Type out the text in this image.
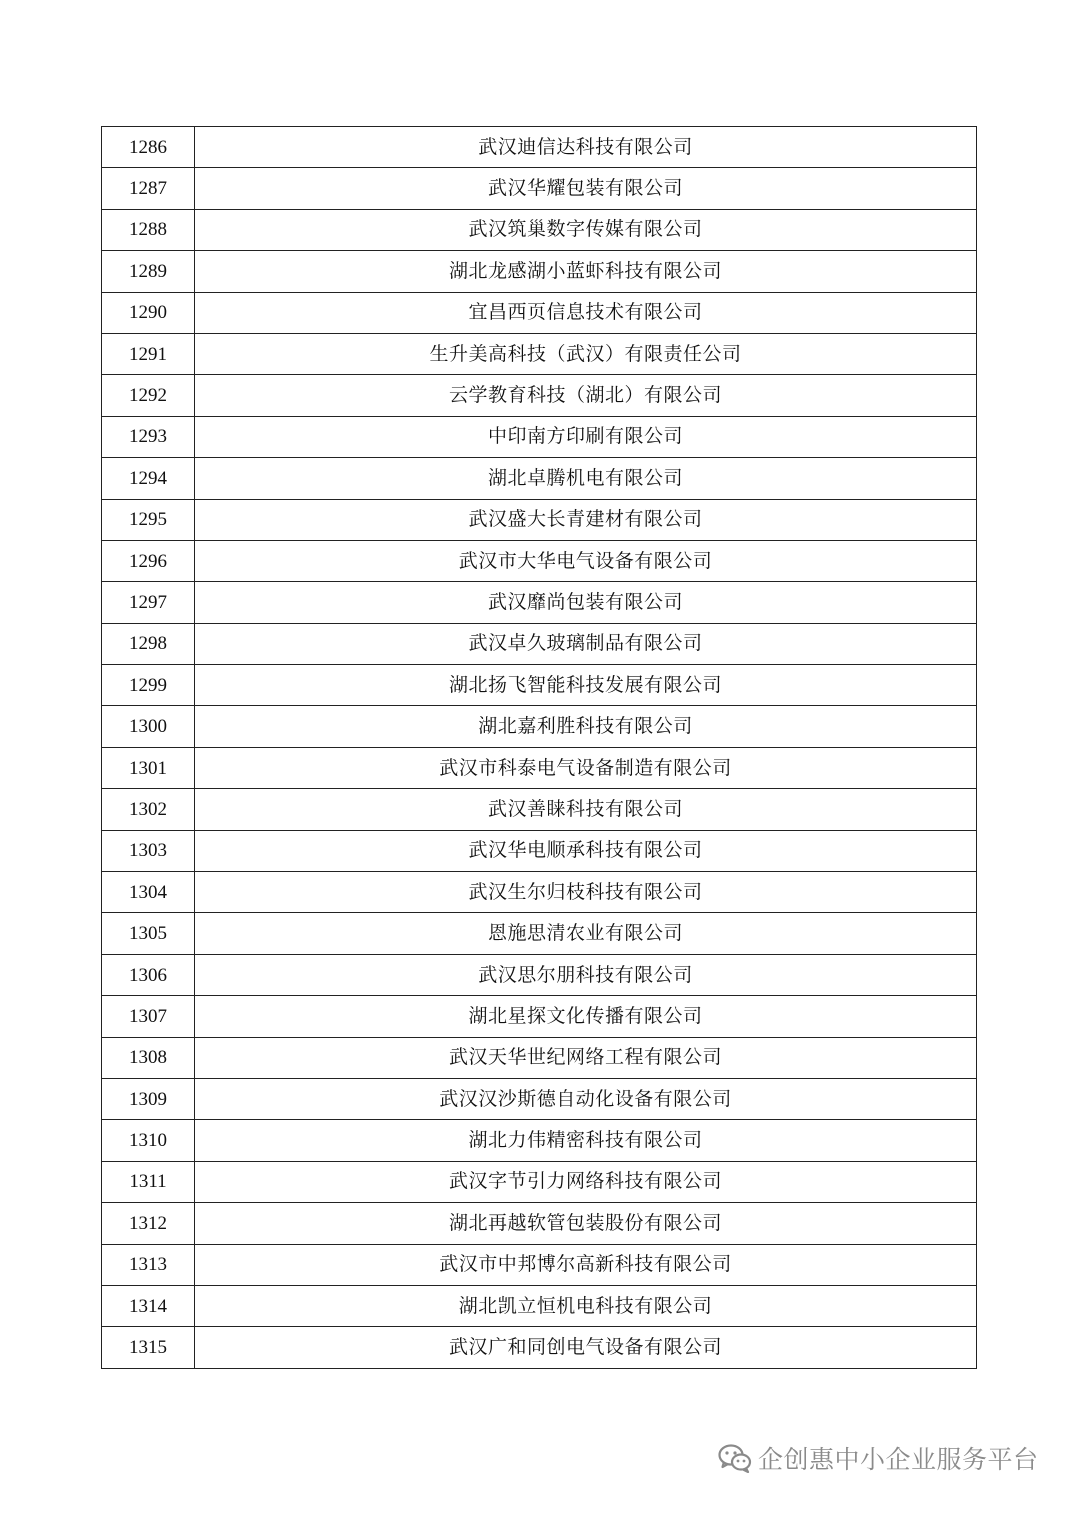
1286	武汉迪信达科技有限公司
1287	武汉华耀包装有限公司
1288	武汉筑巢数字传媒有限公司
1289	湖北龙感湖小蓝虾科技有限公司
1290	宜昌西页信息技术有限公司
1291	生升美高科技（武汉）有限责任公司
1292	云学教育科技（湖北）有限公司
1293	中印南方印刷有限公司
1294	湖北卓腾机电有限公司
1295	武汉盛大长青建材有限公司
1296	武汉市大华电气设备有限公司
1297	武汉靡尚包装有限公司
1298	武汉卓久玻璃制品有限公司
1299	湖北扬飞智能科技发展有限公司
1300	湖北嘉利胜科技有限公司
1301	武汉市科泰电气设备制造有限公司
1302	武汉善睐科技有限公司
1303	武汉华电顺承科技有限公司
1304	武汉生尔归枝科技有限公司
1305	恩施思清农业有限公司
1306	武汉思尔朋科技有限公司
1307	湖北星探文化传播有限公司
1308	武汉天华世纪网络工程有限公司
1309	武汉汉沙斯德自动化设备有限公司
1310	湖北力伟精密科技有限公司
1311	武汉字节引力网络科技有限公司
1312	湖北再越软管包装股份有限公司
1313	武汉市中邦博尔高新科技有限公司
1314	湖北凯立恒机电科技有限公司
1315	武汉广和同创电气设备有限公司
企创惠中小企业服务平台
